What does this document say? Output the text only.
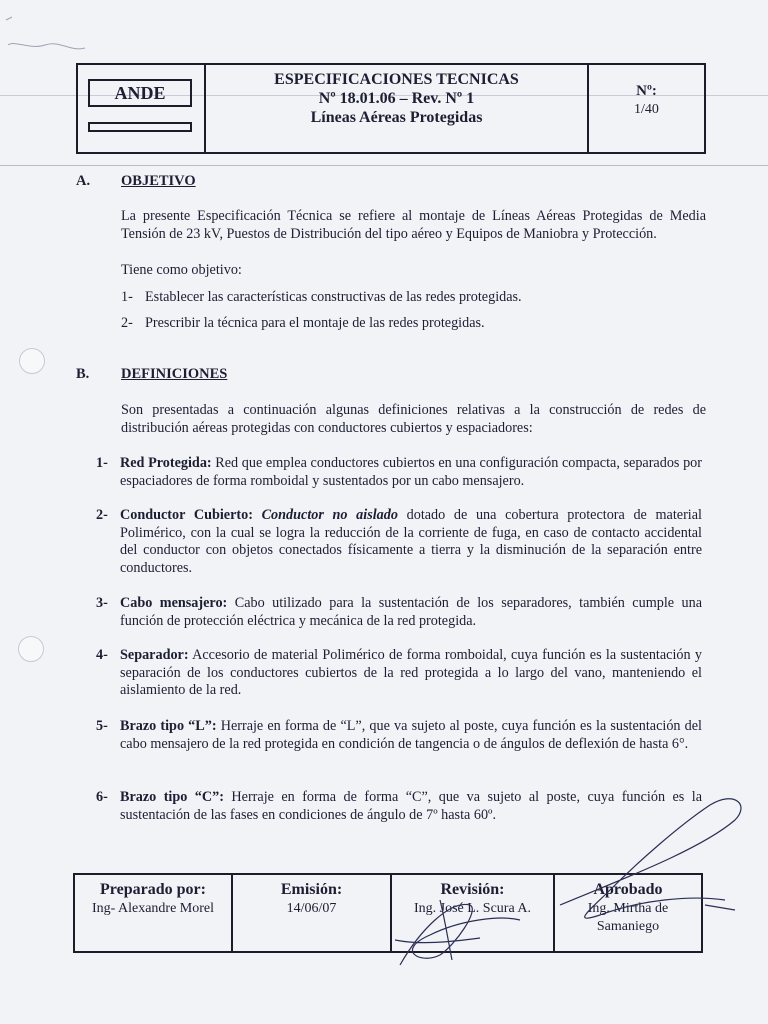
ANDE
ESPECIFICACIONES TECNICAS
Nº 18.01.06 – Rev. Nº 1
Líneas Aéreas Protegidas
Nº:
1/40
A. OBJETIVO
La presente Especificación Técnica se refiere al montaje de Líneas Aéreas Protegidas de Media Tensión de 23 kV, Puestos de Distribución del tipo aéreo y Equipos de Maniobra y Protección.
Tiene como objetivo:
1- Establecer las características constructivas de las redes protegidas.
2- Prescribir la técnica para el montaje de las redes protegidas.
B. DEFINICIONES
Son presentadas a continuación algunas definiciones relativas a la construcción de redes de distribución aéreas protegidas con conductores cubiertos y espaciadores:
1- Red Protegida: Red que emplea conductores cubiertos en una configuración compacta, separados por espaciadores de forma romboidal y sustentados por un cabo mensajero.
2- Conductor Cubierto: Conductor no aislado dotado de una cobertura protectora de material Polimérico, con la cual se logra la reducción de la corriente de fuga, en caso de contacto accidental del conductor con objetos conectados físicamente a tierra y la disminución de la separación entre conductores.
3- Cabo mensajero: Cabo utilizado para la sustentación de los separadores, también cumple una función de protección eléctrica y mecánica de la red protegida.
4- Separador: Accesorio de material Polimérico de forma romboidal, cuya función es la sustentación y separación de los conductores cubiertos de la red protegida a lo largo del vano, manteniendo el aislamiento de la red.
5- Brazo tipo “L”: Herraje en forma de “L”, que va sujeto al poste, cuya función es la sustentación del cabo mensajero de la red protegida en condición de tangencia o de ángulos de deflexión de hasta 6°.
6- Brazo tipo “C”: Herraje en forma de forma “C”, que va sujeto al poste, cuya función es la sustentación de las fases en condiciones de ángulo de 7º hasta 60º.
Preparado por:
Ing- Alexandre Morel
Emisión:
14/06/07
Revisión:
Ing. José L. Scura A.
Aprobado
Ing. Mirtha de
Samaniego
